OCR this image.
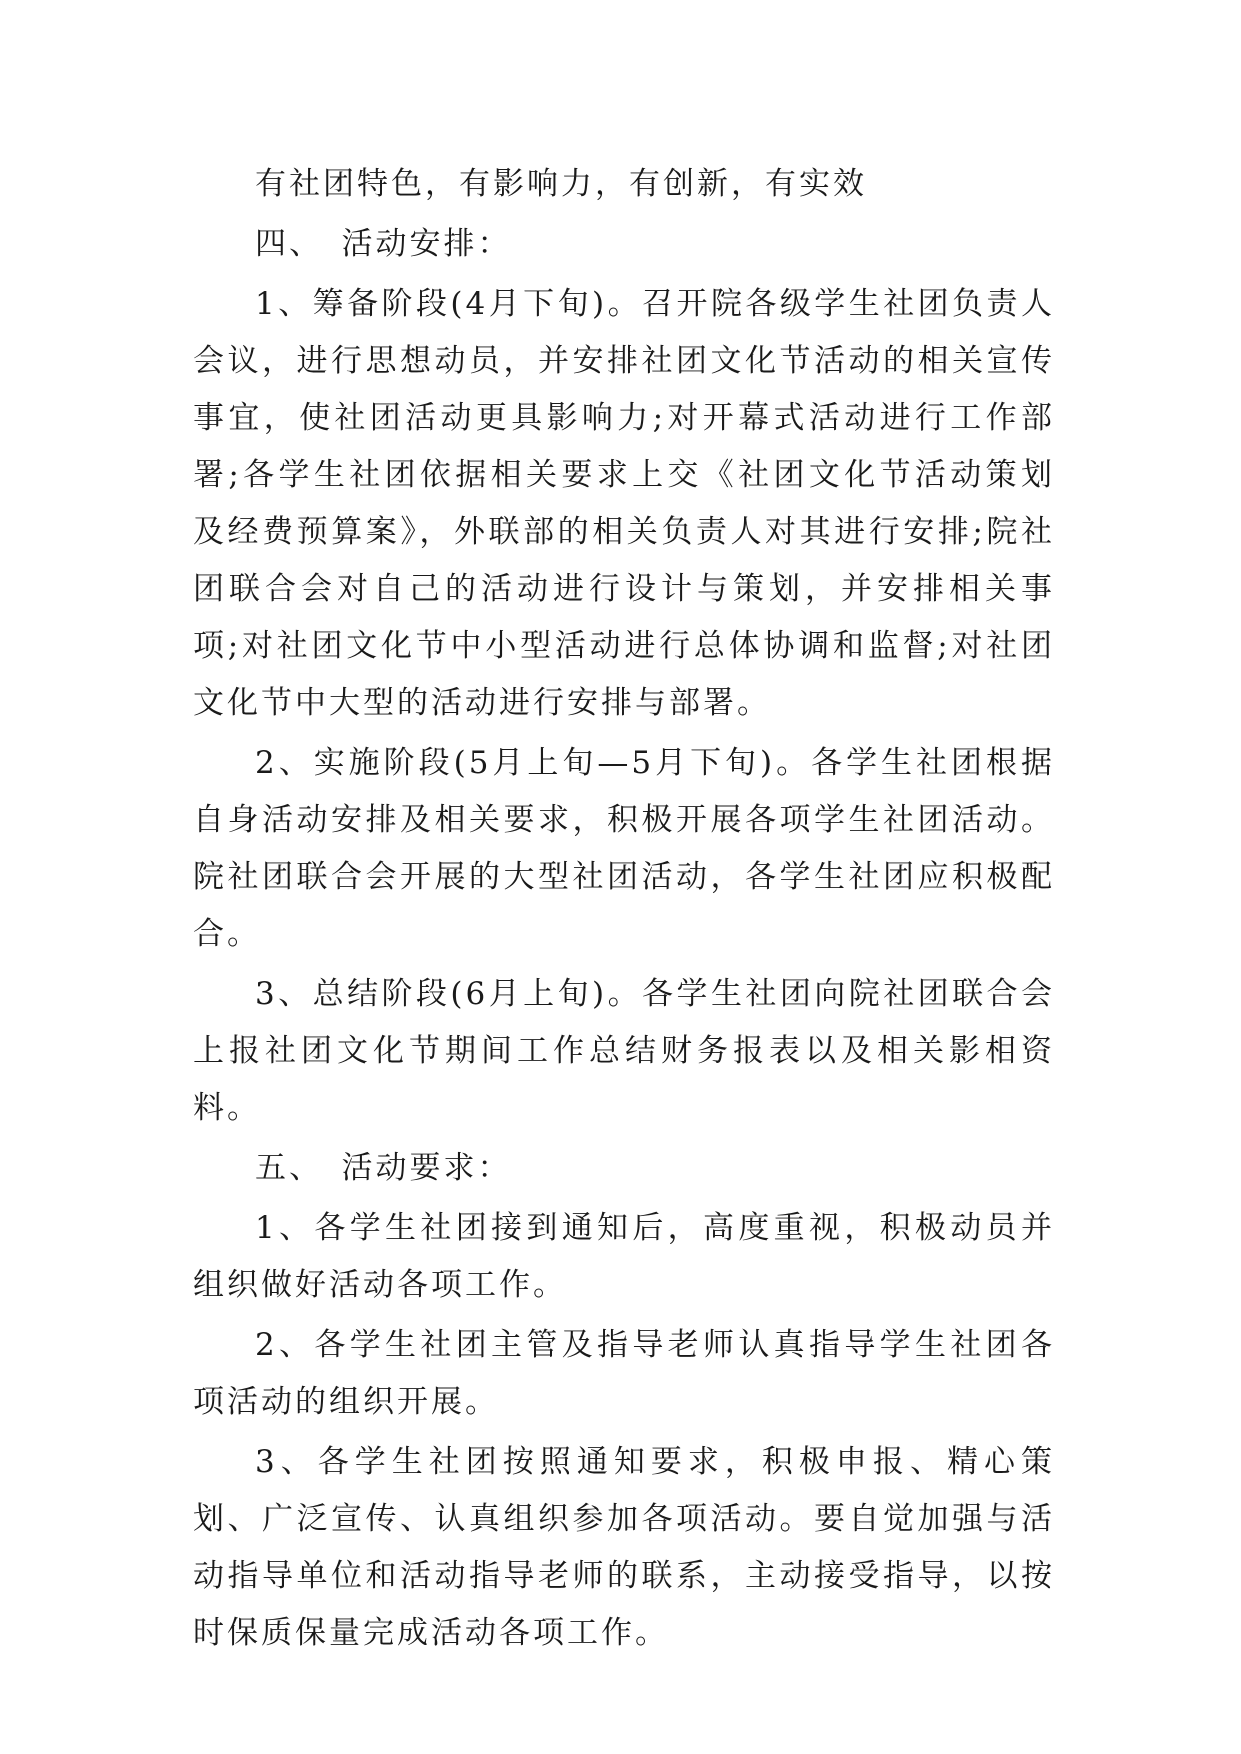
有社团特色，有影响力，有创新，有实效

四、　活动安排：

1、筹备阶段(4月下旬)。召开院各级学生社团负责人会议，进行思想动员，并安排社团文化节活动的相关宣传事宜，使社团活动更具影响力;对开幕式活动进行工作部署;各学生社团依据相关要求上交《社团文化节活动策划及经费预算案》，外联部的相关负责人对其进行安排;院社团联合会对自己的活动进行设计与策划，并安排相关事项;对社团文化节中小型活动进行总体协调和监督;对社团文化节中大型的活动进行安排与部署。

2、实施阶段(5月上旬—5月下旬)。各学生社团根据自身活动安排及相关要求，积极开展各项学生社团活动。院社团联合会开展的大型社团活动，各学生社团应积极配合。

3、总结阶段(6月上旬)。各学生社团向院社团联合会上报社团文化节期间工作总结财务报表以及相关影相资料。

五、　活动要求：

1、各学生社团接到通知后，高度重视，积极动员并组织做好活动各项工作。

2、各学生社团主管及指导老师认真指导学生社团各项活动的组织开展。

3、各学生社团按照通知要求，积极申报、精心策划、广泛宣传、认真组织参加各项活动。要自觉加强与活动指导单位和活动指导老师的联系，主动接受指导，以按时保质保量完成活动各项工作。
